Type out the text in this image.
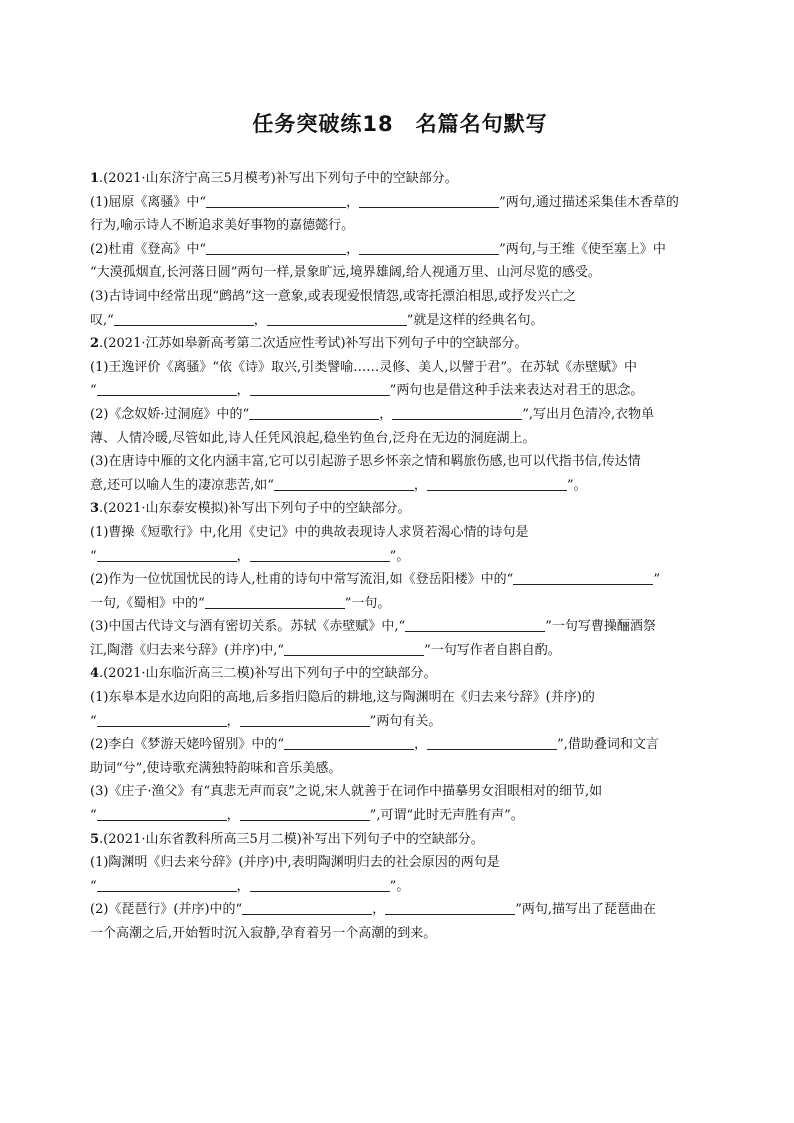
任务突破练18　名篇名句默写
1.(2021·山东济宁高三5月模考)补写出下列句子中的空缺部分。
(1)屈原《离骚》中“	，	”两句,通过描述采集佳木香草的
行为,喻示诗人不断追求美好事物的嘉德懿行。
(2)杜甫《登高》中“	，	”两句,与王维《使至塞上》中
“大漠孤烟直,长河落日圆”两句一样,景象旷远,境界雄阔,给人视通万里、山河尽览的感受。
(3)古诗词中经常出现“鹧鸪”这一意象,或表现爱恨情怨,或寄托漂泊相思,或抒发兴亡之
叹,“	，	”就是这样的经典名句。
2.(2021·江苏如皋新高考第二次适应性考试)补写出下列句子中的空缺部分。
(1)王逸评价《离骚》“依《诗》取兴,引类譬喻……灵修、美人,以譬于君”。在苏轼《赤壁赋》中
“	，	”两句也是借这种手法来表达对君王的思念。
(2)《念奴娇·过洞庭》中的“	，	”,写出月色清冷,衣物单
薄、人情冷暖,尽管如此,诗人任凭风浪起,稳坐钓鱼台,泛舟在无边的洞庭湖上。
(3)在唐诗中雁的文化内涵丰富,它可以引起游子思乡怀亲之情和羁旅伤感,也可以代指书信,传达情
意,还可以喻人生的凄凉悲苦,如“	，	”。
3.(2021·山东泰安模拟)补写出下列句子中的空缺部分。
(1)曹操《短歌行》中,化用《史记》中的典故表现诗人求贤若渴心情的诗句是
“	，	”。
(2)作为一位忧国忧民的诗人,杜甫的诗句中常写流泪,如《登岳阳楼》中的“	”
一句,《蜀相》中的“	”一句。
(3)中国古代诗文与酒有密切关系。苏轼《赤壁赋》中,“	”一句写曹操酾酒祭
江,陶潜《归去来兮辞》(并序)中,“	”一句写作者自斟自酌。
4.(2021·山东临沂高三二模)补写出下列句子中的空缺部分。
(1)东皋本是水边向阳的高地,后多指归隐后的耕地,这与陶渊明在《归去来兮辞》(并序)的
“	，	”两句有关。
(2)李白《梦游天姥吟留别》中的“	，	”,借助叠词和文言
助词“兮”,使诗歌充满独特韵味和音乐美感。
(3)《庄子·渔父》有“真悲无声而哀”之说,宋人就善于在词作中描摹男女泪眼相对的细节,如
“	，	”,可谓“此时无声胜有声”。
5.(2021·山东省教科所高三5月二模)补写出下列句子中的空缺部分。
(1)陶渊明《归去来兮辞》(并序)中,表明陶渊明归去的社会原因的两句是
“	，	”。
(2)《琵琶行》(并序)中的“	，	”两句,描写出了琵琶曲在
一个高潮之后,开始暂时沉入寂静,孕育着另一个高潮的到来。
